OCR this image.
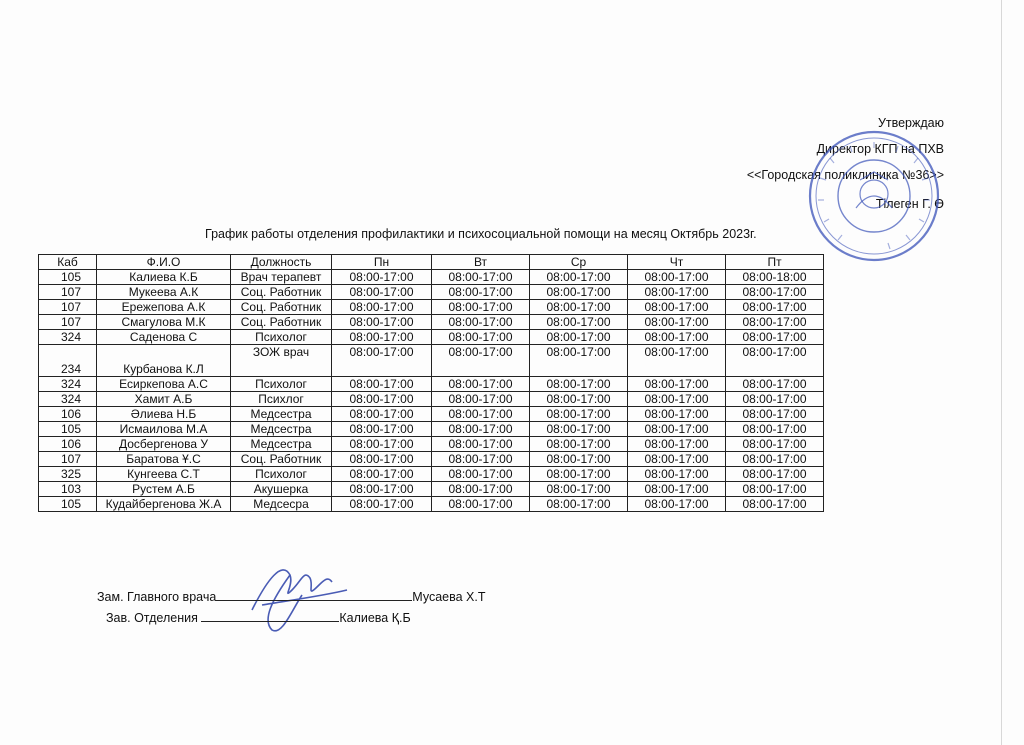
Утверждаю
Директор КГП на ПХВ
<<Городская поликлиника №36>>
Тілеген Г. Ө
График работы отделения профилактики и психосоциальной помощи на месяц Октябрь 2023г.
Каб	Ф.И.О	Должность	Пн	Вт	Ср	Чт	Пт
105	Калиева К.Б	Врач терапевт	08:00-17:00	08:00-17:00	08:00-17:00	08:00-17:00	08:00-18:00
107	Мукеева А.К	Соц. Работник	08:00-17:00	08:00-17:00	08:00-17:00	08:00-17:00	08:00-17:00
107	Ережепова А.К	Соц. Работник	08:00-17:00	08:00-17:00	08:00-17:00	08:00-17:00	08:00-17:00
107	Смагулова М.К	Соц. Работник	08:00-17:00	08:00-17:00	08:00-17:00	08:00-17:00	08:00-17:00
324	Саденова С	Психолог	08:00-17:00	08:00-17:00	08:00-17:00	08:00-17:00	08:00-17:00
234	Курбанова К.Л	ЗОЖ врач	08:00-17:00	08:00-17:00	08:00-17:00	08:00-17:00	08:00-17:00
324	Есиркепова А.С	Психолог	08:00-17:00	08:00-17:00	08:00-17:00	08:00-17:00	08:00-17:00
324	Хамит А.Б	Психлог	08:00-17:00	08:00-17:00	08:00-17:00	08:00-17:00	08:00-17:00
106	Әлиева Н.Б	Медсестра	08:00-17:00	08:00-17:00	08:00-17:00	08:00-17:00	08:00-17:00
105	Исмаилова М.А	Медсестра	08:00-17:00	08:00-17:00	08:00-17:00	08:00-17:00	08:00-17:00
106	Досбергенова У	Медсестра	08:00-17:00	08:00-17:00	08:00-17:00	08:00-17:00	08:00-17:00
107	Баратова Ұ.С	Соц. Работник	08:00-17:00	08:00-17:00	08:00-17:00	08:00-17:00	08:00-17:00
325	Кунгеева С.Т	Психолог	08:00-17:00	08:00-17:00	08:00-17:00	08:00-17:00	08:00-17:00
103	Рустем А.Б	Акушерка	08:00-17:00	08:00-17:00	08:00-17:00	08:00-17:00	08:00-17:00
105	Кудайбергенова Ж.А	Медсесра	08:00-17:00	08:00-17:00	08:00-17:00	08:00-17:00	08:00-17:00
Зам. Главного врача	Мусаева Х.Т
Зав. Отделения	Калиева Қ.Б
